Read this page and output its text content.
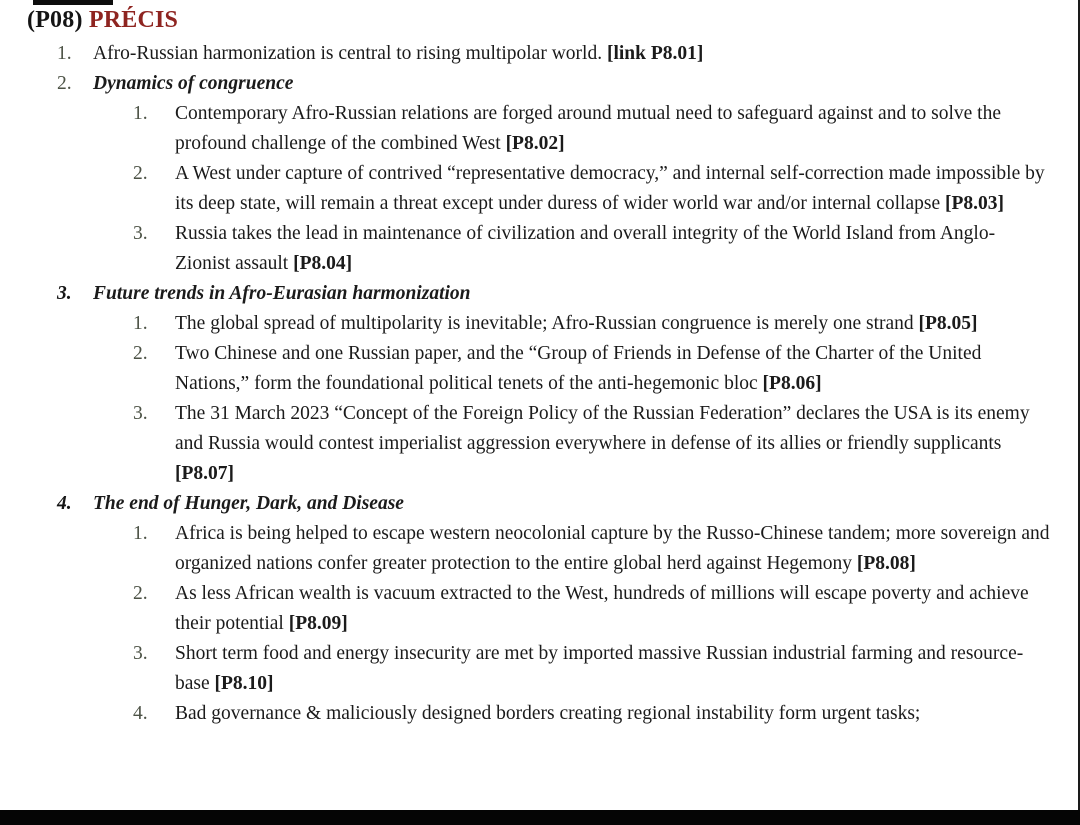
(P08) PRÉCIS
1. Afro-Russian harmonization is central to rising multipolar world. [link P8.01]
2. Dynamics of congruence
1. Contemporary Afro-Russian relations are forged around mutual need to safeguard against and to solve the profound challenge of the combined West [P8.02]
2. A West under capture of contrived “representative democracy,” and internal self-correction made impossible by its deep state, will remain a threat except under duress of wider world war and/or internal collapse [P8.03]
3. Russia takes the lead in maintenance of civilization and overall integrity of the World Island from Anglo-Zionist assault [P8.04]
3. Future trends in Afro-Eurasian harmonization
1. The global spread of multipolarity is inevitable; Afro-Russian congruence is merely one strand [P8.05]
2. Two Chinese and one Russian paper, and the “Group of Friends in Defense of the Charter of the United Nations,” form the foundational political tenets of the anti-hegemonic bloc [P8.06]
3. The 31 March 2023 “Concept of the Foreign Policy of the Russian Federation” declares the USA is its enemy and Russia would contest imperialist aggression everywhere in defense of its allies or friendly supplicants [P8.07]
4. The end of Hunger, Dark, and Disease
1. Africa is being helped to escape western neocolonial capture by the Russo-Chinese tandem; more sovereign and organized nations confer greater protection to the entire global herd against Hegemony [P8.08]
2. As less African wealth is vacuum extracted to the West, hundreds of millions will escape poverty and achieve their potential [P8.09]
3. Short term food and energy insecurity are met by imported massive Russian industrial farming and resource-base [P8.10]
4. Bad governance & maliciously designed borders creating regional instability form urgent tasks;
